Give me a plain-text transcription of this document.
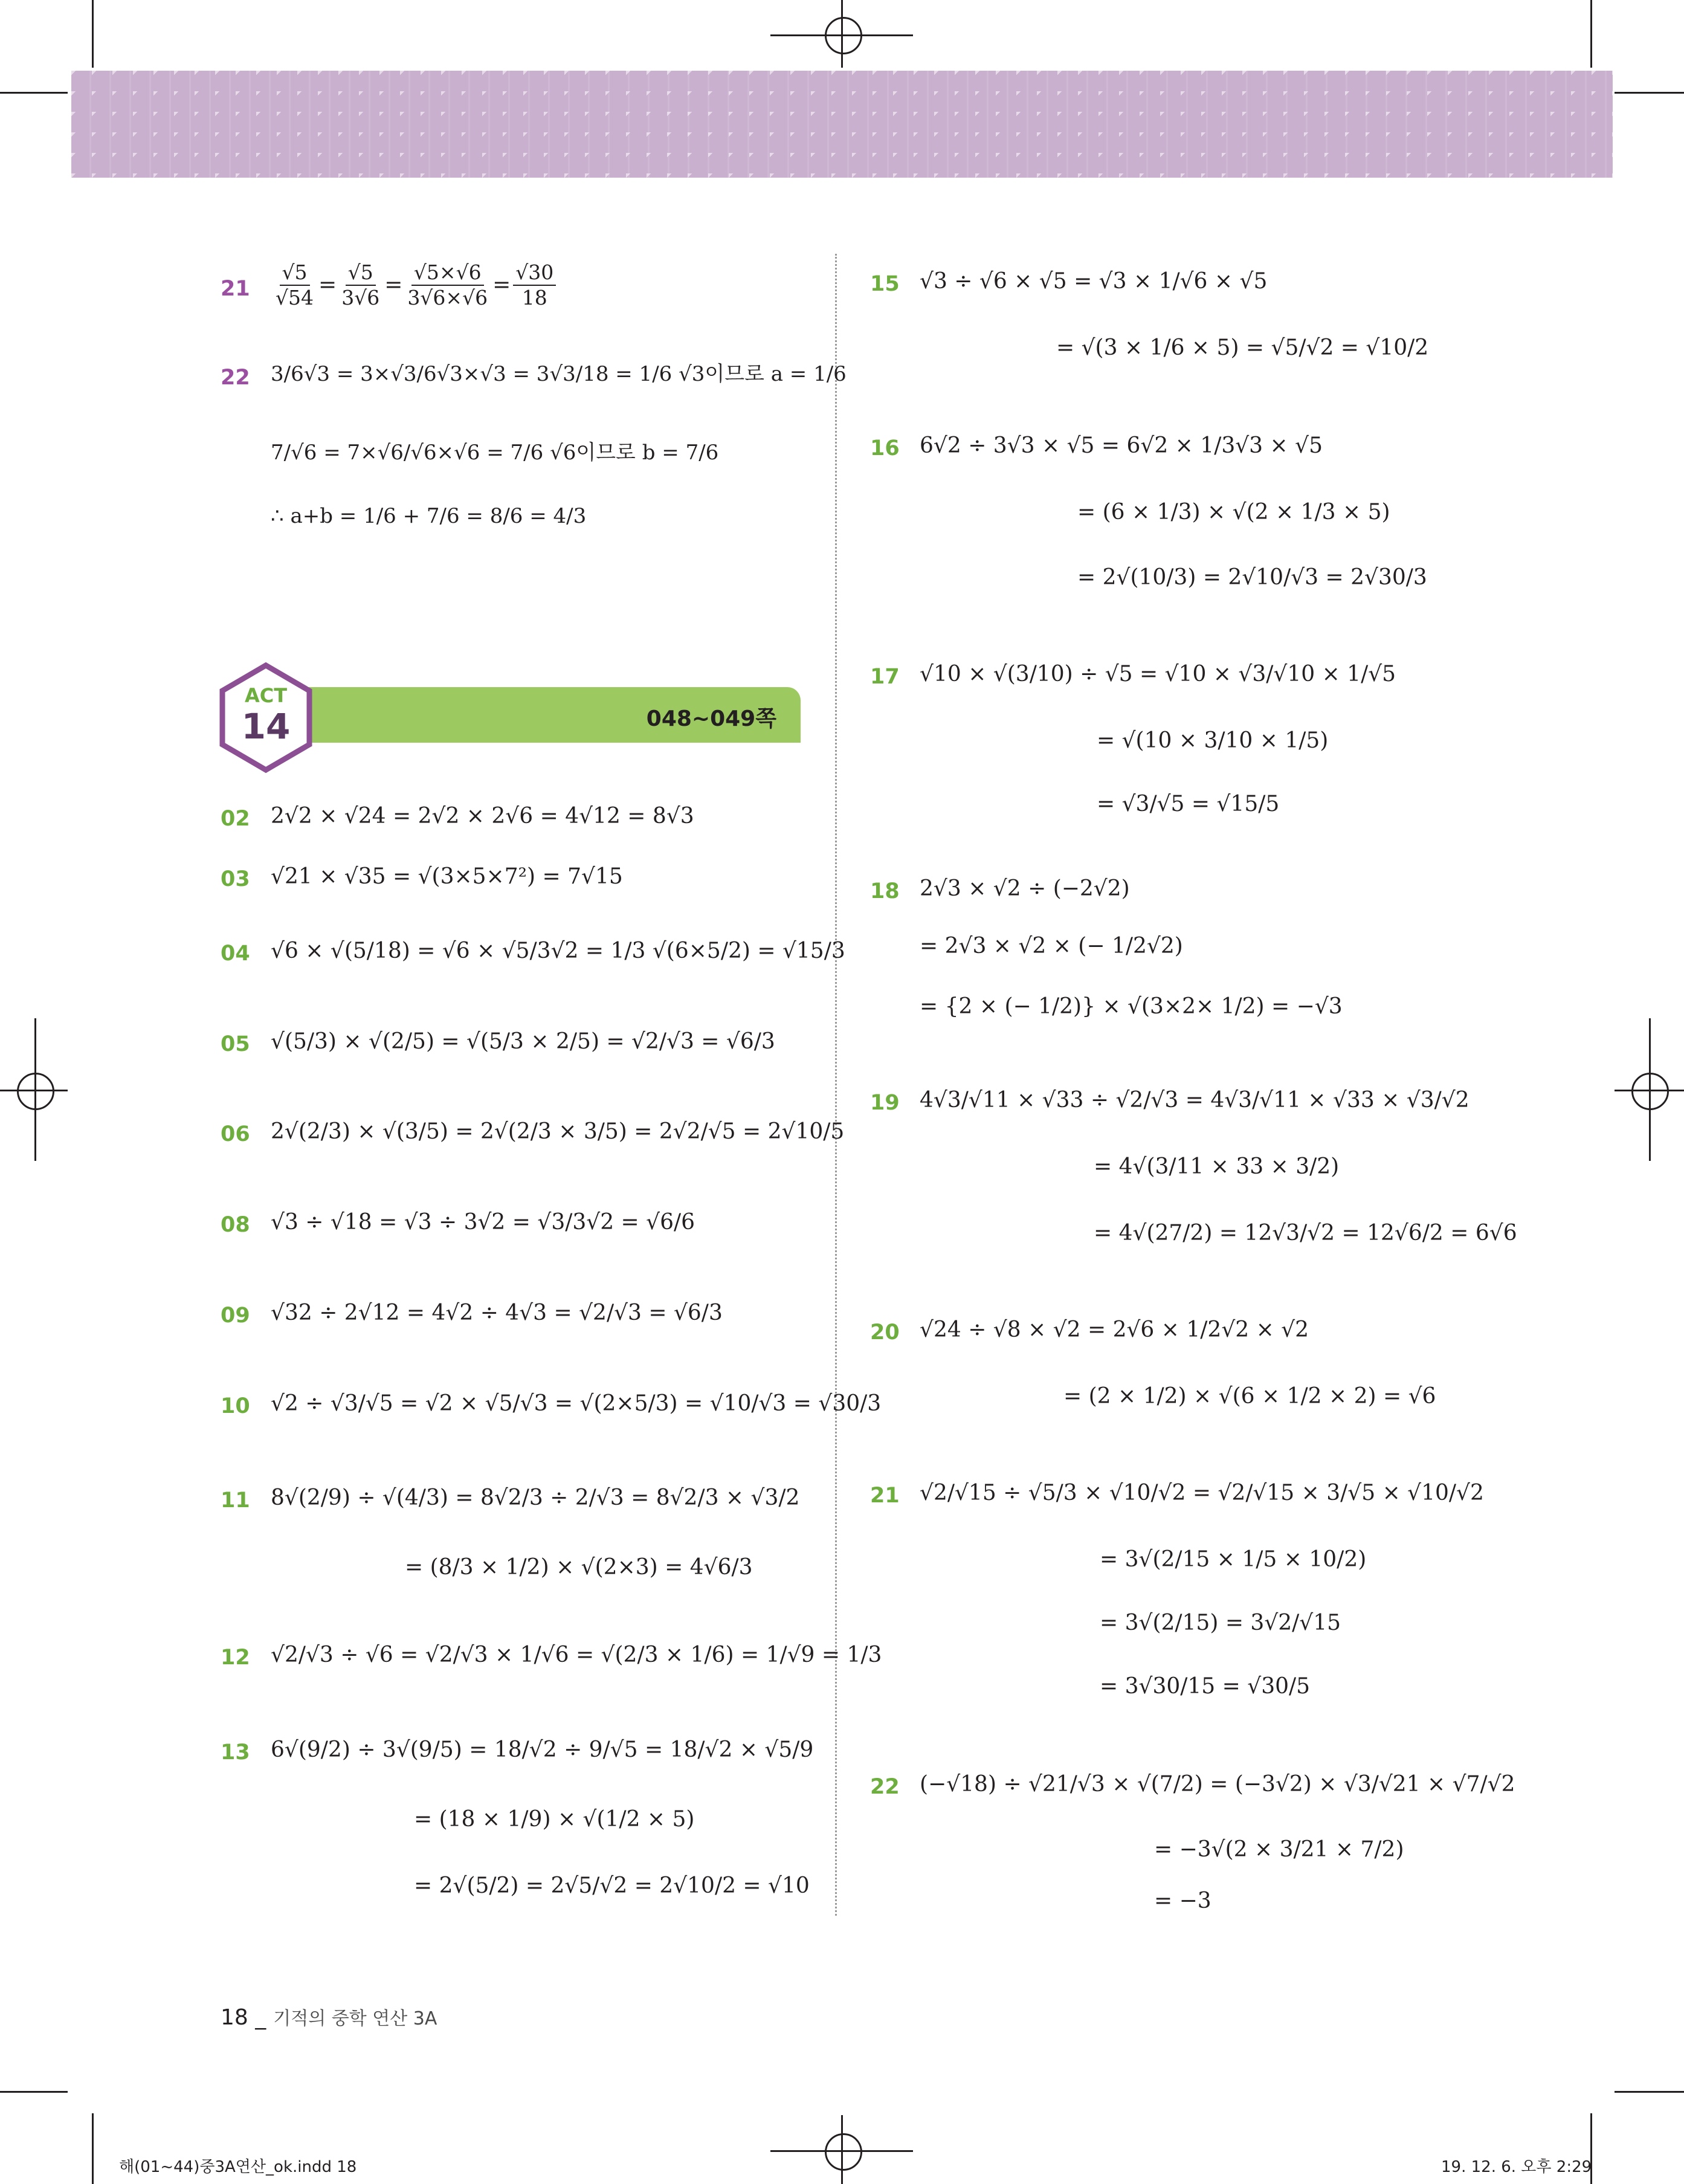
$21 \frac{√5}{√54} = \frac{√5}{3√6} = \frac{√5\times√6}{3√6\times√6} = \frac{√30}{18}$
22 3/6√3 = 3×√3/6√3×√3 = 3√3/18 = 1/6 √3이므로 a = 1/6
7/√6 = 7×√6/√6×√6 = 7/6 √6이므로 b = 7/6
∴ a+b = 1/6 + 7/6 = 8/6 = 4/3
048~049쪽
ACT
14
02 2√2 × √24 = 2√2 × 2√6 = 4√12 = 8√3
03 √21 × √35 = √(3×5×7²) = 7√15
04 √6 × √(5/18) = √6 × √5/3√2 = 1/3 √(6×5/2) = √15/3
05 √(5/3) × √(2/5) = √(5/3 × 2/5) = √2/√3 = √6/3
06 2√(2/3) × √(3/5) = 2√(2/3 × 3/5) = 2√2/√5 = 2√10/5
08 √3 ÷ √18 = √3 ÷ 3√2 = √3/3√2 = √6/6
09 √32 ÷ 2√12 = 4√2 ÷ 4√3 = √2/√3 = √6/3
10 √2 ÷ √3/√5 = √2 × √5/√3 = √(2×5/3) = √10/√3 = √30/3
11 8√(2/9) ÷ √(4/3) = 8√2/3 ÷ 2/√3 = 8√2/3 × √3/2
= (8/3 × 1/2) × √(2×3) = 4√6/3
12 √2/√3 ÷ √6 = √2/√3 × 1/√6 = √(2/3 × 1/6) = 1/√9 = 1/3
13 6√(9/2) ÷ 3√(9/5) = 18/√2 ÷ 9/√5 = 18/√2 × √5/9
= (18 × 1/9) × √(1/2 × 5)
= 2√(5/2) = 2√5/√2 = 2√10/2 = √10
15 √3 ÷ √6 × √5 = √3 × 1/√6 × √5
= √(3 × 1/6 × 5) = √5/√2 = √10/2
16 6√2 ÷ 3√3 × √5 = 6√2 × 1/3√3 × √5
= (6 × 1/3) × √(2 × 1/3 × 5)
= 2√(10/3) = 2√10/√3 = 2√30/3
17 √10 × √(3/10) ÷ √5 = √10 × √3/√10 × 1/√5
= √(10 × 3/10 × 1/5)
= √3/√5 = √15/5
18 2√3 × √2 ÷ (−2√2)
= 2√3 × √2 × (− 1/2√2)
= {2 × (− 1/2)} × √(3×2× 1/2) = −√3
19 4√3/√11 × √33 ÷ √2/√3 = 4√3/√11 × √33 × √3/√2
= 4√(3/11 × 33 × 3/2)
= 4√(27/2) = 12√3/√2 = 12√6/2 = 6√6
20 √24 ÷ √8 × √2 = 2√6 × 1/2√2 × √2
= (2 × 1/2) × √(6 × 1/2 × 2) = √6
21 √2/√15 ÷ √5/3 × √10/√2 = √2/√15 × 3/√5 × √10/√2
= 3√(2/15 × 1/5 × 10/2)
= 3√(2/15) = 3√2/√15
= 3√30/15 = √30/5
22 (−√18) ÷ √21/√3 × √(7/2) = (−3√2) × √3/√21 × √7/√2
= −3√(2 × 3/21 × 7/2)
= −3
18 _ 기적의 중학 연산 3A
해(01~44)중3A연산_ok.indd 18	19. 12. 6. 오후 2:29
